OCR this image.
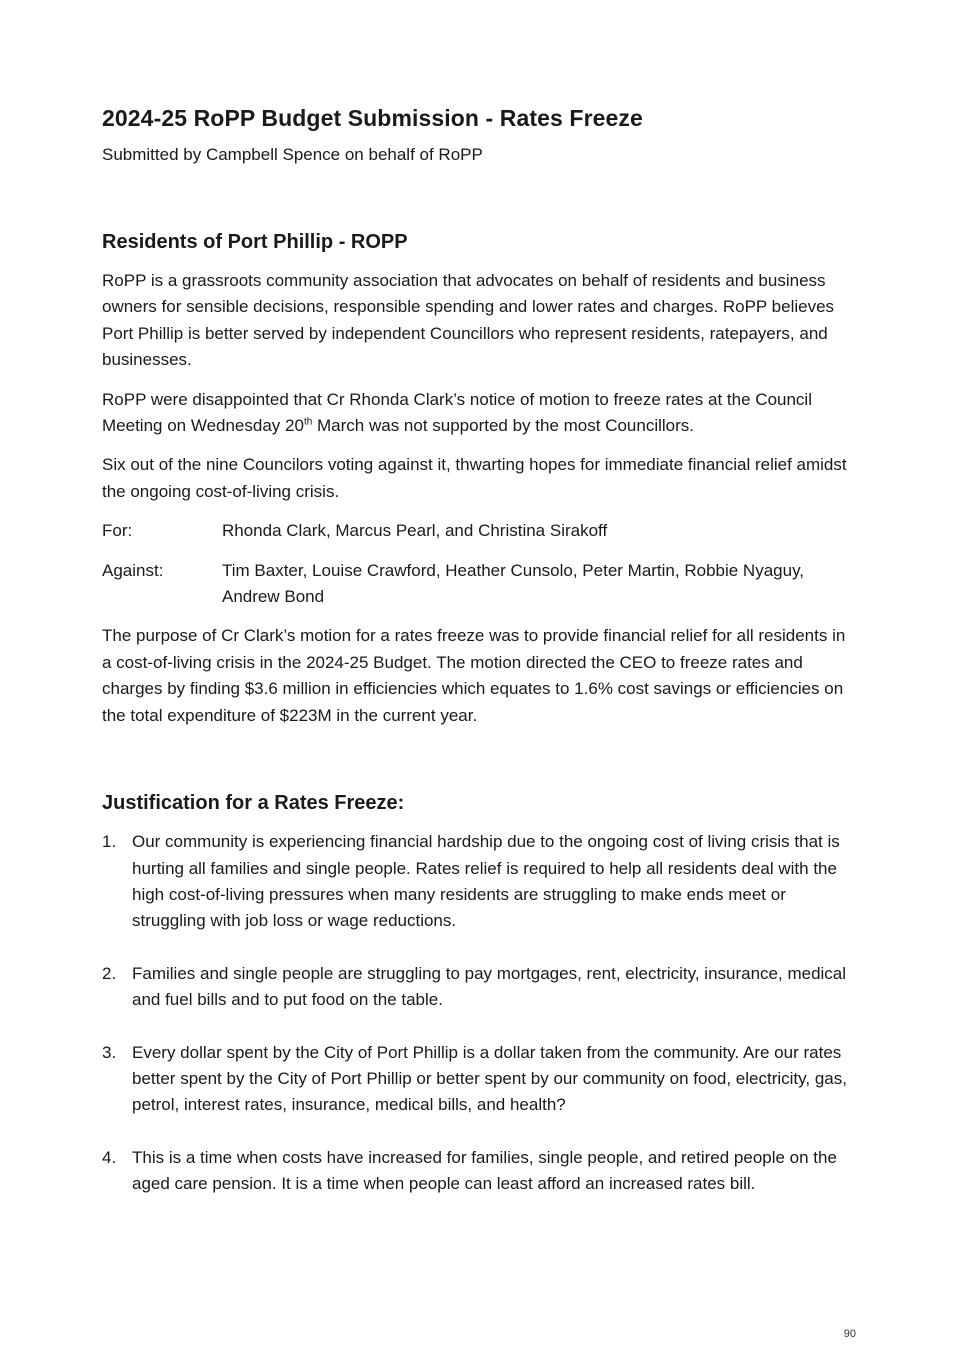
2024-25 RoPP Budget Submission - Rates Freeze

Submitted by Campbell Spence on behalf of RoPP

Residents of Port Phillip - ROPP

RoPP is a grassroots community association that advocates on behalf of residents and business owners for sensible decisions, responsible spending and lower rates and charges. RoPP believes Port Phillip is better served by independent Councillors who represent residents, ratepayers, and businesses.

RoPP were disappointed that Cr Rhonda Clark’s notice of motion to freeze rates at the Council Meeting on Wednesday 20th March was not supported by the most Councillors.

Six out of the nine Councilors voting against it, thwarting hopes for immediate financial relief amidst the ongoing cost-of-living crisis.

For:	Rhonda Clark, Marcus Pearl, and Christina Sirakoff
Against:	Tim Baxter, Louise Crawford, Heather Cunsolo, Peter Martin, Robbie Nyaguy, Andrew Bond

The purpose of Cr Clark’s motion for a rates freeze was to provide financial relief for all residents in a cost-of-living crisis in the 2024-25 Budget. The motion directed the CEO to freeze rates and charges by finding $3.6 million in efficiencies which equates to 1.6% cost savings or efficiencies on the total expenditure of $223M in the current year.

Justification for a Rates Freeze:
1. Our community is experiencing financial hardship due to the ongoing cost of living crisis that is hurting all families and single people. Rates relief is required to help all residents deal with the high cost-of-living pressures when many residents are struggling to make ends meet or struggling with job loss or wage reductions.
2. Families and single people are struggling to pay mortgages, rent, electricity, insurance, medical and fuel bills and to put food on the table.
3. Every dollar spent by the City of Port Phillip is a dollar taken from the community. Are our rates better spent by the City of Port Phillip or better spent by our community on food, electricity, gas, petrol, interest rates, insurance, medical bills, and health?
4. This is a time when costs have increased for families, single people, and retired people on the aged care pension. It is a time when people can least afford an increased rates bill.
90
